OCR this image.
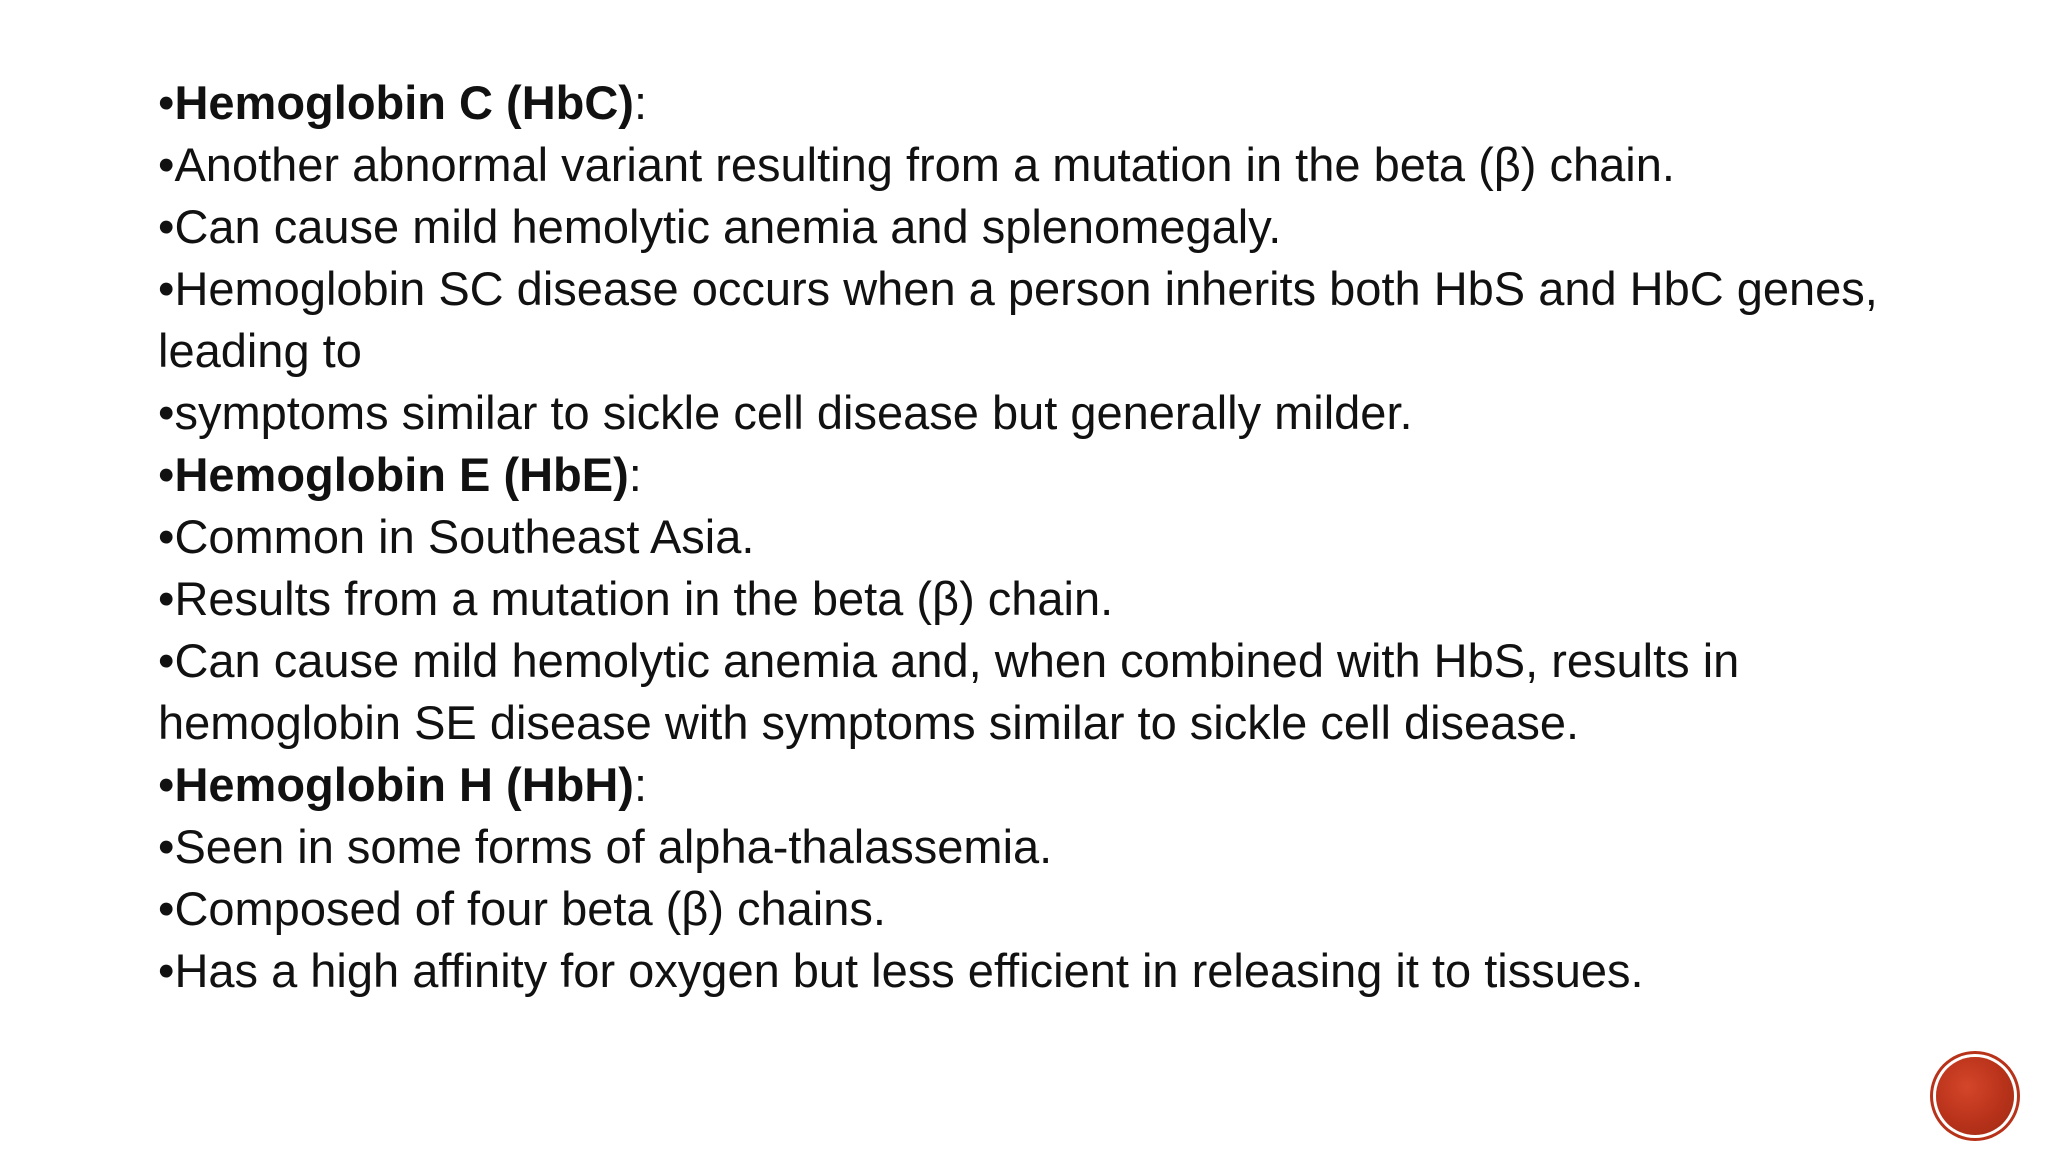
•Hemoglobin C (HbC):

•Another abnormal variant resulting from a mutation in the beta (β) chain.

•Can cause mild hemolytic anemia and splenomegaly.

•Hemoglobin SC disease occurs when a person inherits both HbS and HbC genes, leading to

•symptoms similar to sickle cell disease but generally milder.

•Hemoglobin E (HbE):

•Common in Southeast Asia.

•Results from a mutation in the beta (β) chain.

•Can cause mild hemolytic anemia and, when combined with HbS, results in hemoglobin SE disease with symptoms similar to sickle cell disease.

•Hemoglobin H (HbH):

•Seen in some forms of alpha-thalassemia.

•Composed of four beta (β) chains.

•Has a high affinity for oxygen but less efficient in releasing it to tissues.
